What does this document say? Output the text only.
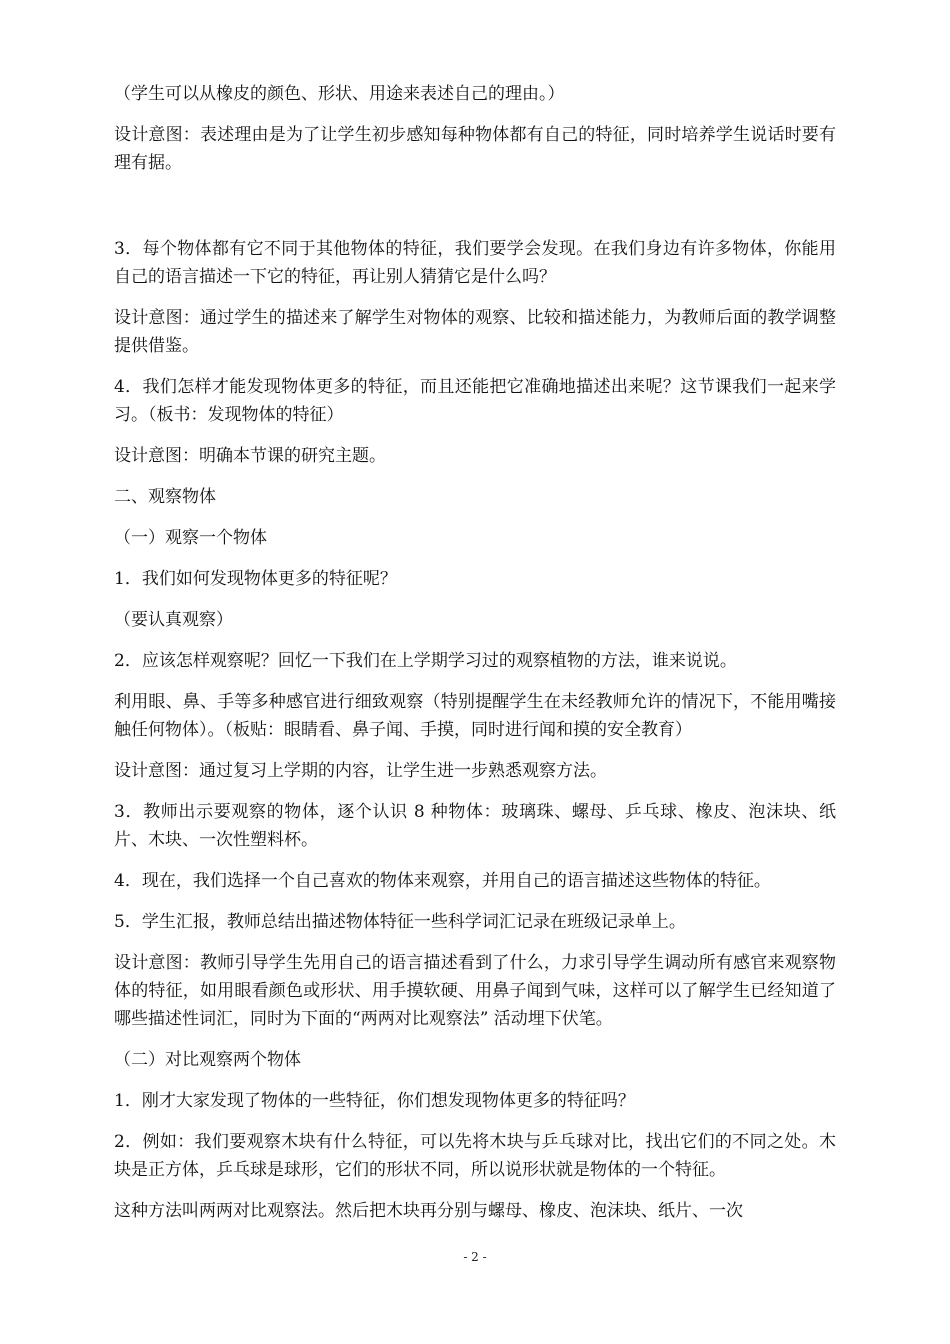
（学生可以从橡皮的颜色、形状、用途来表述自己的理由。）

设计意图：表述理由是为了让学生初步感知每种物体都有自己的特征，同时培养学生说话时要有理有据。

3．每个物体都有它不同于其他物体的特征，我们要学会发现。在我们身边有许多物体，你能用自己的语言描述一下它的特征，再让别人猜猜它是什么吗？

设计意图：通过学生的描述来了解学生对物体的观察、比较和描述能力，为教师后面的教学调整提供借鉴。

4．我们怎样才能发现物体更多的特征，而且还能把它准确地描述出来呢？这节课我们一起来学习。（板书：发现物体的特征）

设计意图：明确本节课的研究主题。

二、观察物体

（一）观察一个物体

1．我们如何发现物体更多的特征呢？

（要认真观察）

2．应该怎样观察呢？回忆一下我们在上学期学习过的观察植物的方法，谁来说说。

利用眼、鼻、手等多种感官进行细致观察（特别提醒学生在未经教师允许的情况下，不能用嘴接触任何物体）。（板贴：眼睛看、鼻子闻、手摸，同时进行闻和摸的安全教育）

设计意图：通过复习上学期的内容，让学生进一步熟悉观察方法。

3．教师出示要观察的物体，逐个认识 8 种物体：玻璃珠、螺母、乒乓球、橡皮、泡沫块、纸片、木块、一次性塑料杯。

4．现在，我们选择一个自己喜欢的物体来观察，并用自己的语言描述这些物体的特征。

5．学生汇报，教师总结出描述物体特征一些科学词汇记录在班级记录单上。

设计意图：教师引导学生先用自己的语言描述看到了什么，力求引导学生调动所有感官来观察物体的特征，如用眼看颜色或形状、用手摸软硬、用鼻子闻到气味，这样可以了解学生已经知道了哪些描述性词汇，同时为下面的“两两对比观察法” 活动埋下伏笔。

（二）对比观察两个物体

1．刚才大家发现了物体的一些特征，你们想发现物体更多的特征吗？

2．例如：我们要观察木块有什么特征，可以先将木块与乒乓球对比，找出它们的不同之处。木块是正方体，乒乓球是球形，它们的形状不同，所以说形状就是物体的一个特征。

这种方法叫两两对比观察法。然后把木块再分别与螺母、橡皮、泡沫块、纸片、一次

- 2 -
